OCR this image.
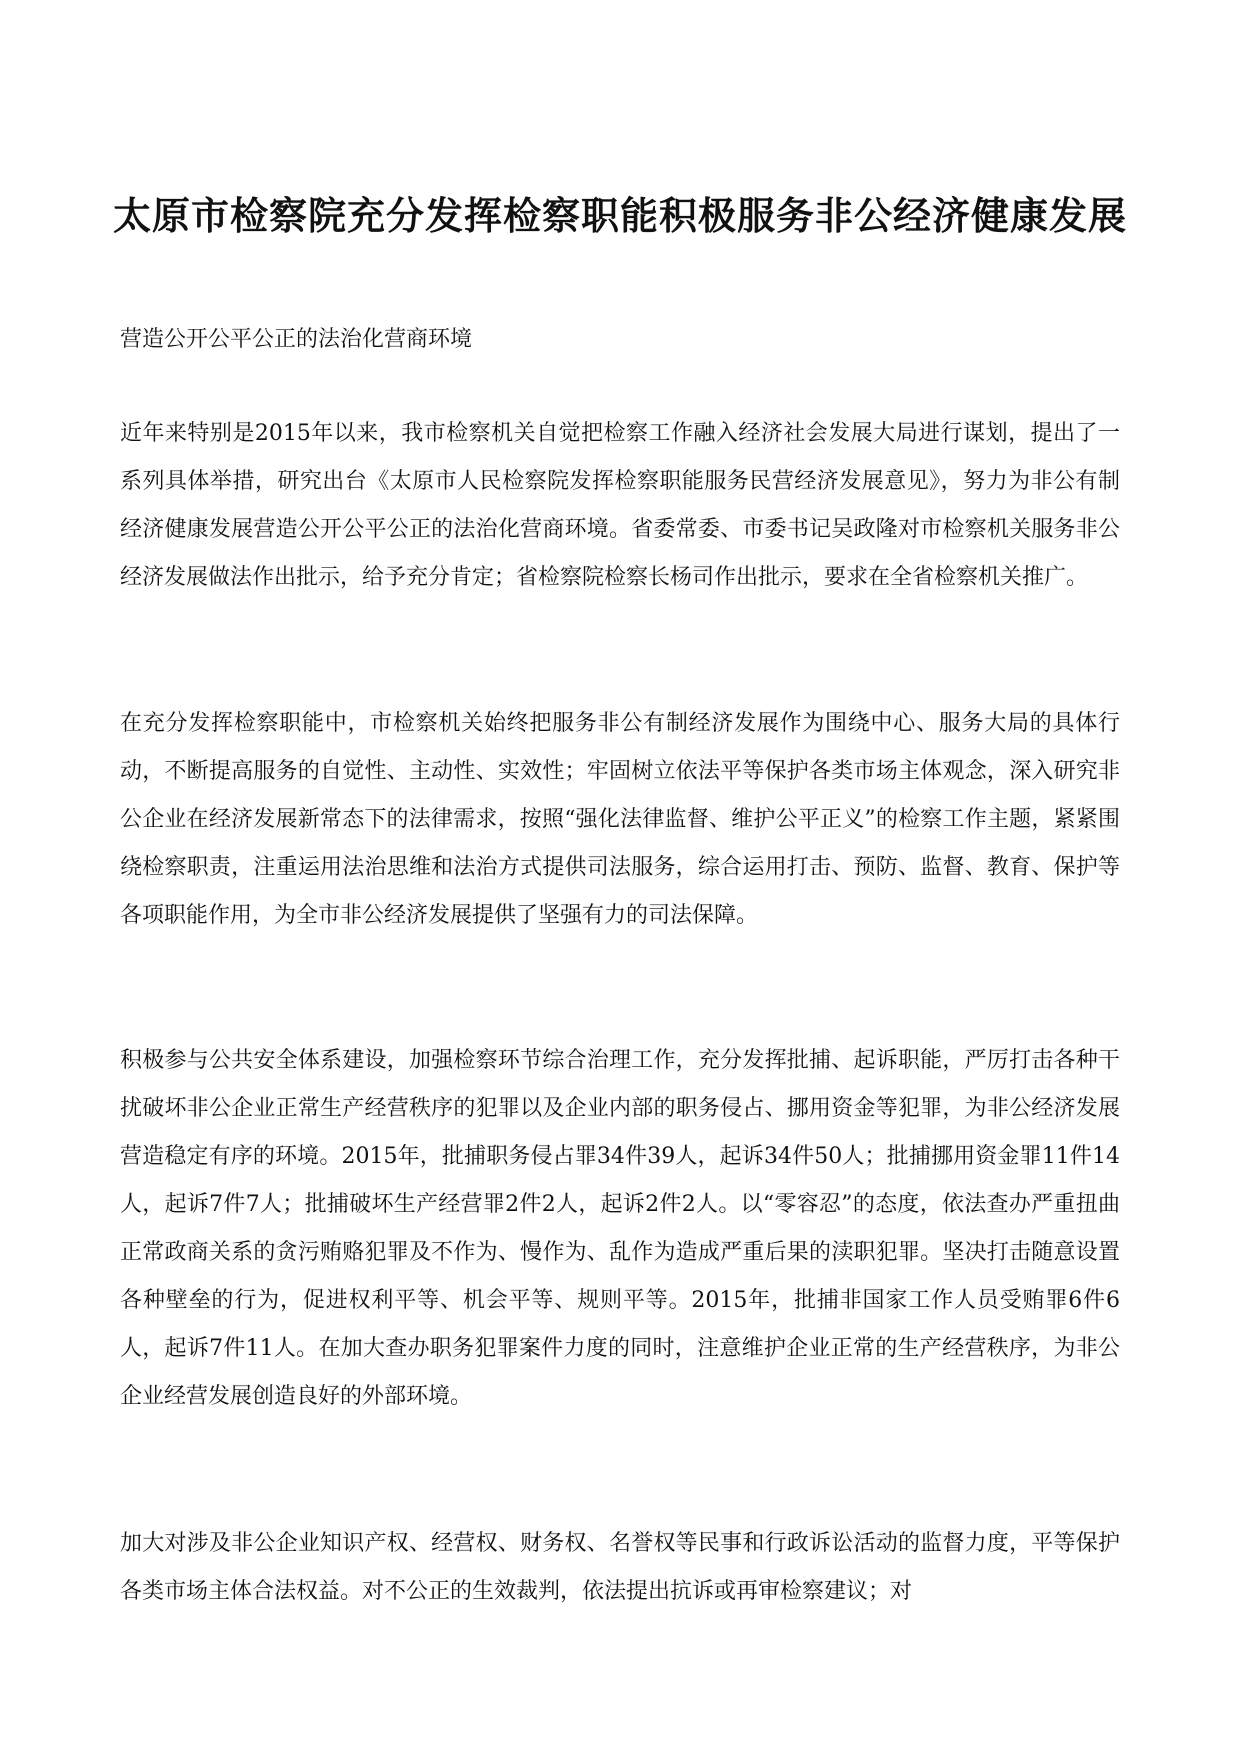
太原市检察院充分发挥检察职能积极服务非公经济健康发展

营造公开公平公正的法治化营商环境

近年来特别是2015年以来，我市检察机关自觉把检察工作融入经济社会发展大局进行谋划，提出了一系列具体举措，研究出台《太原市人民检察院发挥检察职能服务民营经济发展意见》，努力为非公有制经济健康发展营造公开公平公正的法治化营商环境。省委常委、市委书记吴政隆对市检察机关服务非公经济发展做法作出批示，给予充分肯定；省检察院检察长杨司作出批示，要求在全省检察机关推广。

在充分发挥检察职能中，市检察机关始终把服务非公有制经济发展作为围绕中心、服务大局的具体行动，不断提高服务的自觉性、主动性、实效性；牢固树立依法平等保护各类市场主体观念，深入研究非公企业在经济发展新常态下的法律需求，按照“强化法律监督、维护公平正义”的检察工作主题，紧紧围绕检察职责，注重运用法治思维和法治方式提供司法服务，综合运用打击、预防、监督、教育、保护等各项职能作用，为全市非公经济发展提供了坚强有力的司法保障。

积极参与公共安全体系建设，加强检察环节综合治理工作，充分发挥批捕、起诉职能，严厉打击各种干扰破坏非公企业正常生产经营秩序的犯罪以及企业内部的职务侵占、挪用资金等犯罪，为非公经济发展营造稳定有序的环境。2015年，批捕职务侵占罪34件39人，起诉34件50人；批捕挪用资金罪11件14人，起诉7件7人；批捕破坏生产经营罪2件2人，起诉2件2人。以“零容忍”的态度，依法查办严重扭曲正常政商关系的贪污贿赂犯罪及不作为、慢作为、乱作为造成严重后果的渎职犯罪。坚决打击随意设置各种壁垒的行为，促进权利平等、机会平等、规则平等。2015年，批捕非国家工作人员受贿罪6件6人，起诉7件11人。在加大查办职务犯罪案件力度的同时，注意维护企业正常的生产经营秩序，为非公企业经营发展创造良好的外部环境。

加大对涉及非公企业知识产权、经营权、财务权、名誉权等民事和行政诉讼活动的监督力度，平等保护各类市场主体合法权益。对不公正的生效裁判，依法提出抗诉或再审检察建议；对
